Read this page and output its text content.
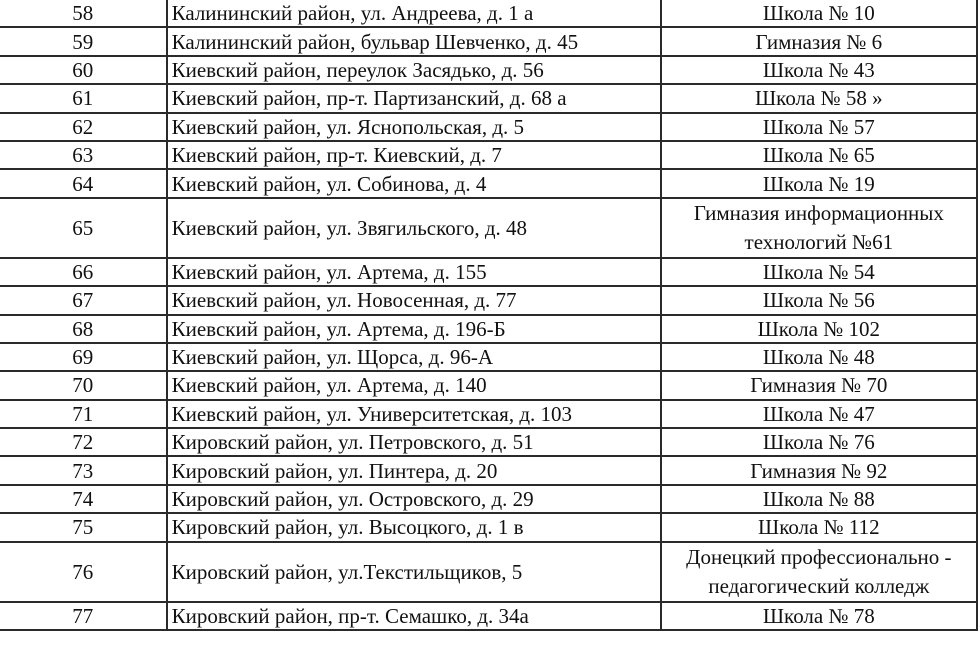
58	Калининский район, ул. Андреева, д. 1 а	Школа № 10
59	Калининский район, бульвар Шевченко, д. 45	Гимназия № 6
60	Киевский район, переулок Засядько, д. 56	Школа № 43
61	Киевский район, пр-т. Партизанский, д. 68 а	Школа № 58 »
62	Киевский район, ул. Яснопольская, д. 5	Школа № 57
63	Киевский район, пр-т. Киевский, д. 7	Школа № 65
64	Киевский район, ул. Собинова, д. 4	Школа № 19
65	Киевский район, ул. Звягильского, д. 48	Гимназия информационных технологий №61
66	Киевский район, ул. Артема, д. 155	Школа № 54
67	Киевский район, ул. Новосенная, д. 77	Школа № 56
68	Киевский район, ул. Артема, д. 196-Б	Школа № 102
69	Киевский район, ул. Щорса, д. 96-А	Школа № 48
70	Киевский район, ул. Артема, д. 140	Гимназия № 70
71	Киевский район, ул. Университетская, д. 103	Школа № 47
72	Кировский район, ул. Петровского, д. 51	Школа № 76
73	Кировский район, ул. Пинтера, д. 20	Гимназия № 92
74	Кировский район, ул. Островского, д. 29	Школа № 88
75	Кировский район, ул. Высоцкого, д. 1 в	Школа № 112
76	Кировский район, ул.Текстильщиков, 5	Донецкий профессионально - педагогический колледж
77	Кировский район, пр-т. Семашко, д. 34а	Школа № 78
